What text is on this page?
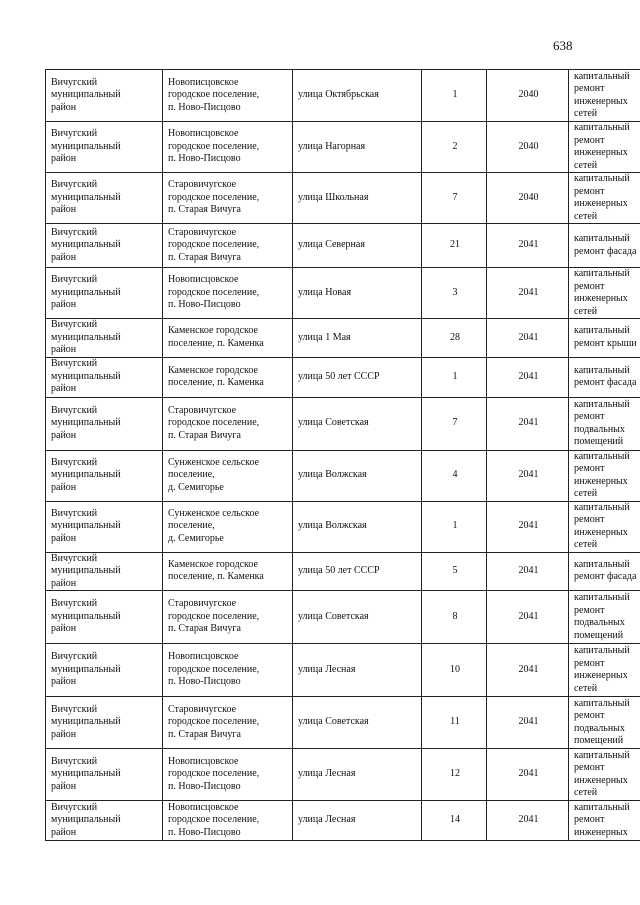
638
Вичугский
муниципальный
район	Новописцовское
городское поселение,
п. Ново-Писцово	улица Октябрьская	1	2040	капитальный
ремонт
инженерных
сетей

Вичугский
муниципальный
район	Новописцовское
городское поселение,
п. Ново-Писцово	улица Нагорная	2	2040	капитальный
ремонт
инженерных
сетей

Вичугский
муниципальный
район	Старовичугское
городское поселение,
п. Старая Вичуга	улица Школьная	7	2040	капитальный
ремонт
инженерных
сетей

Вичугский
муниципальный
район	Старовичугское
городское поселение,
п. Старая Вичуга	улица Северная	21	2041	капитальный
ремонт фасада

Вичугский
муниципальный
район	Новописцовское
городское поселение,
п. Ново-Писцово	улица Новая	3	2041	капитальный
ремонт
инженерных
сетей

Вичугский
муниципальный
район	Каменское городское
поселение, п. Каменка	улица 1 Мая	28	2041	капитальный
ремонт крыши

Вичугский
муниципальный
район	Каменское городское
поселение, п. Каменка	улица 50 лет СССР	1	2041	капитальный
ремонт фасада

Вичугский
муниципальный
район	Старовичугское
городское поселение,
п. Старая Вичуга	улица Советская	7	2041	капитальный
ремонт
подвальных
помещений

Вичугский
муниципальный
район	Сунженское сельское
поселение,
д. Семигорье	улица Волжская	4	2041	капитальный
ремонт
инженерных
сетей

Вичугский
муниципальный
район	Сунженское сельское
поселение,
д. Семигорье	улица Волжская	1	2041	капитальный
ремонт
инженерных
сетей

Вичугский
муниципальный
район	Каменское городское
поселение, п. Каменка	улица 50 лет СССР	5	2041	капитальный
ремонт фасада

Вичугский
муниципальный
район	Старовичугское
городское поселение,
п. Старая Вичуга	улица Советская	8	2041	капитальный
ремонт
подвальных
помещений

Вичугский
муниципальный
район	Новописцовское
городское поселение,
п. Ново-Писцово	улица Лесная	10	2041	капитальный
ремонт
инженерных
сетей

Вичугский
муниципальный
район	Старовичугское
городское поселение,
п. Старая Вичуга	улица Советская	11	2041	капитальный
ремонт
подвальных
помещений

Вичугский
муниципальный
район	Новописцовское
городское поселение,
п. Ново-Писцово	улица Лесная	12	2041	капитальный
ремонт
инженерных
сетей

Вичугский
муниципальный
район	Новописцовское
городское поселение,
п. Ново-Писцово	улица Лесная	14	2041	капитальный
ремонт
инженерных
